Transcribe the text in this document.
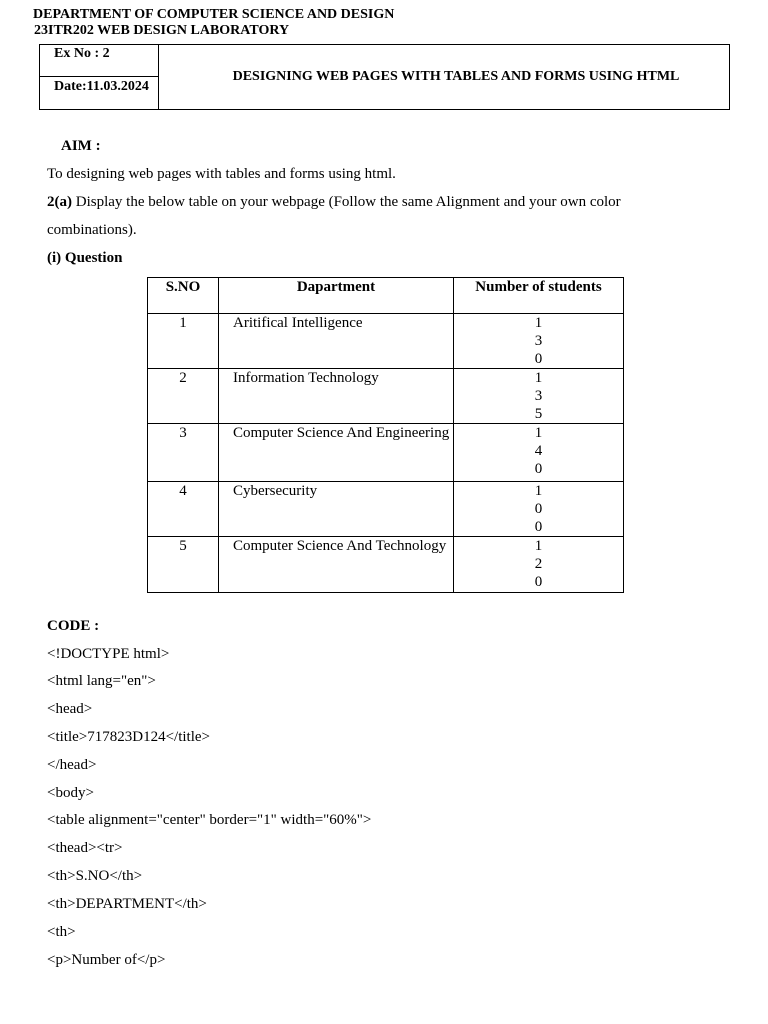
DEPARTMENT OF COMPUTER SCIENCE AND DESIGN
23ITR202 WEB DESIGN LABORATORY
Ex No : 2	DESIGNING WEB PAGES WITH TABLES AND FORMS USING HTML
Date:11.03.2024
AIM :
To designing web pages with tables and forms using html.
2(a) Display the below table on your webpage (Follow the same Alignment and your own color
combinations).
(i) Question
S.NO	Dapartment	Number of students
1	Aritifical Intelligence	130
2	Information Technology	135
3	Computer Science And Engineering	140
4	Cybersecurity	100
5	Computer Science And Technology	120
CODE :
<!DOCTYPE html>
<html lang="en">
<head>
<title>717823D124</title>
</head>
<body>
<table alignment="center" border="1" width="60%">
<thead><tr>
<th>S.NO</th>
<th>DEPARTMENT</th>
<th>
<p>Number of</p>
